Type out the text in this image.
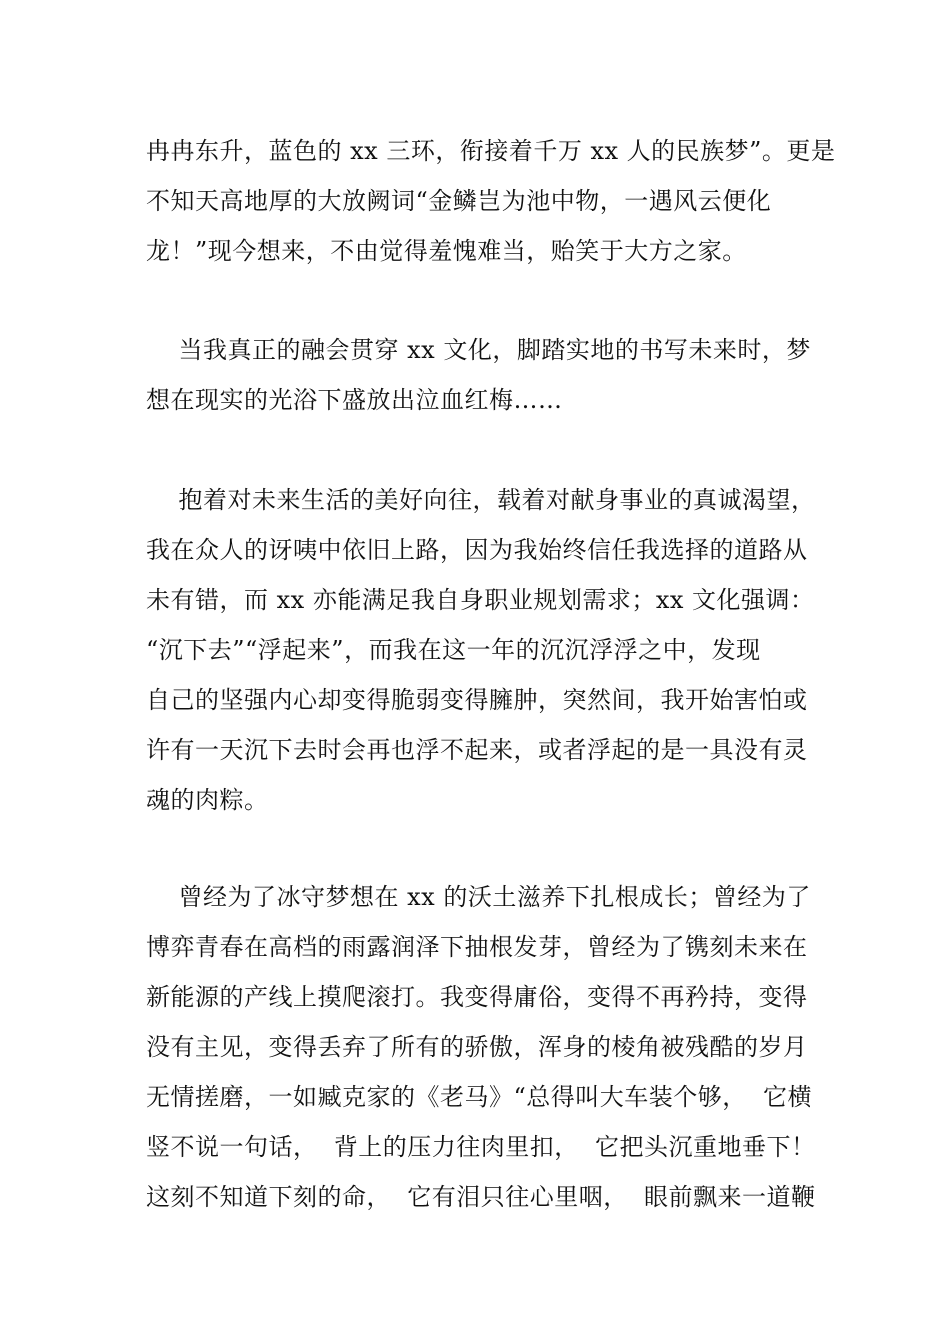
冉冉东升，蓝色的 xx 三环，衔接着千万 xx 人的民族梦”。更是
不知天高地厚的大放阙词“金鳞岂为池中物，一遇风云便化
龙！”现今想来，不由觉得羞愧难当，贻笑于大方之家。
当我真正的融会贯穿 xx 文化，脚踏实地的书写未来时，梦
想在现实的光浴下盛放出泣血红梅……
抱着对未来生活的美好向往，载着对献身事业的真诚渴望，
我在众人的讶咦中依旧上路，因为我始终信任我选择的道路从
未有错，而 xx 亦能满足我自身职业规划需求；xx 文化强调：
“沉下去”“浮起来”，而我在这一年的沉沉浮浮之中，发现
自己的坚强内心却变得脆弱变得臃肿，突然间，我开始害怕或
许有一天沉下去时会再也浮不起来，或者浮起的是一具没有灵
魂的肉粽。
曾经为了冰守梦想在 xx 的沃土滋养下扎根成长；曾经为了
博弈青春在高档的雨露润泽下抽根发芽，曾经为了镌刻未来在
新能源的产线上摸爬滚打。我变得庸俗，变得不再矜持，变得
没有主见，变得丢弃了所有的骄傲，浑身的棱角被残酷的岁月
无情搓磨，一如臧克家的《老马》“总得叫大车装个够，  它横
竖不说一句话，  背上的压力往肉里扣，  它把头沉重地垂下！
这刻不知道下刻的命，  它有泪只往心里咽，  眼前飘来一道鞭
